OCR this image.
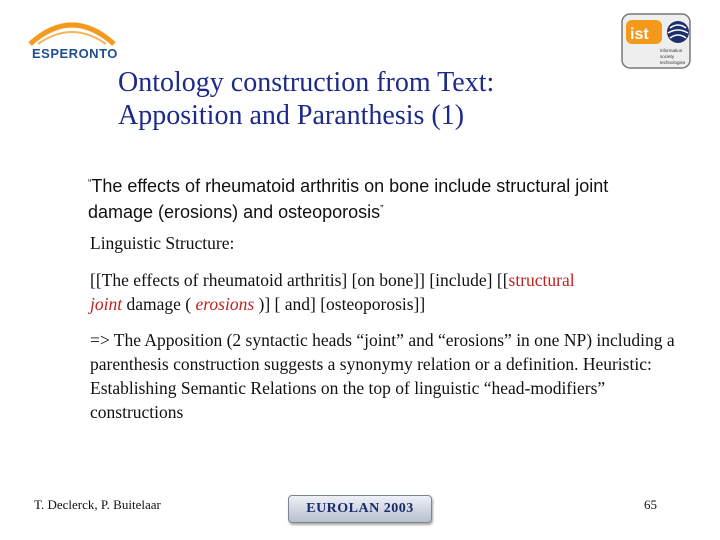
ESPERONTO
ist
information
society
technologies
Ontology construction from Text:
Apposition and Paranthesis (1)
“The effects of rheumatoid arthritis on bone include structural joint damage (erosions) and osteoporosis”
Linguistic Structure:
[[The effects of rheumatoid arthritis] [on bone]] [include] [[structural
joint damage ( erosions )] [ and] [osteoporosis]]
=> The Apposition (2 syntactic heads “joint” and “erosions” in one NP) including a parenthesis construction suggests a synonymy relation or a definition. Heuristic: Establishing Semantic Relations on the top of linguistic “head-modifiers” constructions
T. Declerck, P. Buitelaar	EUROLAN 2003	65
